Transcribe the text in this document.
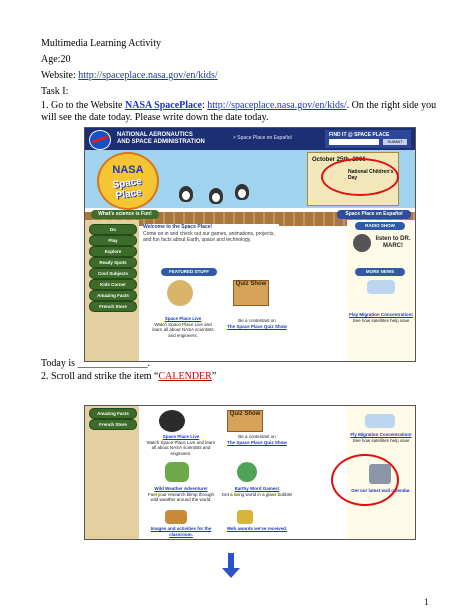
Multimedia Learning Activity
Age:20
Website: http://spaceplace.nasa.gov/en/kids/
Task I:
1. Go to the Website NASA SpacePlace: http://spaceplace.nasa.gov/en/kids/. On the right side you
will see the date today. Please write down the date today.
NATIONAL AERONAUTICS
AND SPACE ADMINISTRATION
> Space Place en Español	FIND IT @ SPACE PLACE
SUBMIT
NASA
Space Place
October 25th, 2006
National Children's Day
What's science is Fun!	Space Place en Español
Do
Play
Explore
Ready Spots
Cool Subjects
Kids Corner
Amazing Facts
French Store
Welcome to the Space Place!
Come on in and check out our games, animations, projects, and fun facts about Earth, space and technology.
FEATURED STUFF
Quiz Show
Space Place Live
Watch Space Place Live and learn all about NASA scientists and engineers.
Be a contestant on
The Space Place Quiz Show
RADIO SHOW
listen to DR. MARC!
MORE NEWS
Flay Migration Concentration!
See how satellites help save
Today is ______________.
2. Scroll and strike the item “CALENDER”
Amazing Facts
French Store
Quiz Show
Space Place Live
Watch Space Place Live and learn all about NASA scientists and engineers.
Be a contestant on
The Space Place Quiz Show
Wild Weather Adventure!
Fuel your research blimp through wild weather around the world.
Earthy Word Games!
Get a living world in a glass bubble!
Images and activities for the classroom.
Web awards we've received.
Fly Migration Concentration!
See how satellites help save
Get our latest wall calendar.
1
